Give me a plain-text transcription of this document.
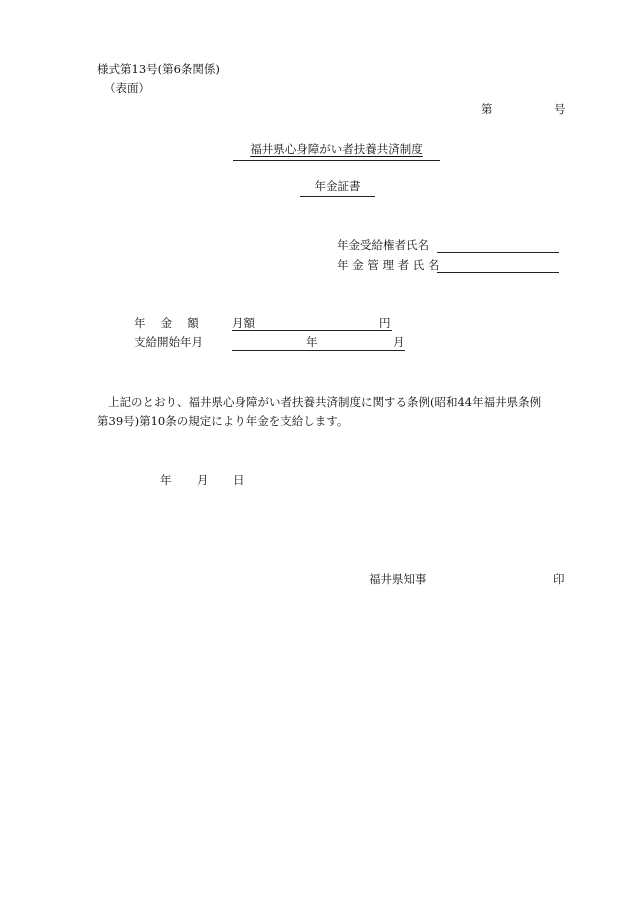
様式第13号(第6条関係)
（表面）
第	号
福井県心身障がい者扶養共済制度
年金証書
年金受給権者氏名
年 金 管 理 者 氏 名
年　 金　 額	月額	円
支給開始年月	年	月
上記のとおり、福井県心身障がい者扶養共済制度に関する条例(昭和44年福井県条例
第39号)第10条の規定により年金を支給します。
年 月 日
福井県知事	印
